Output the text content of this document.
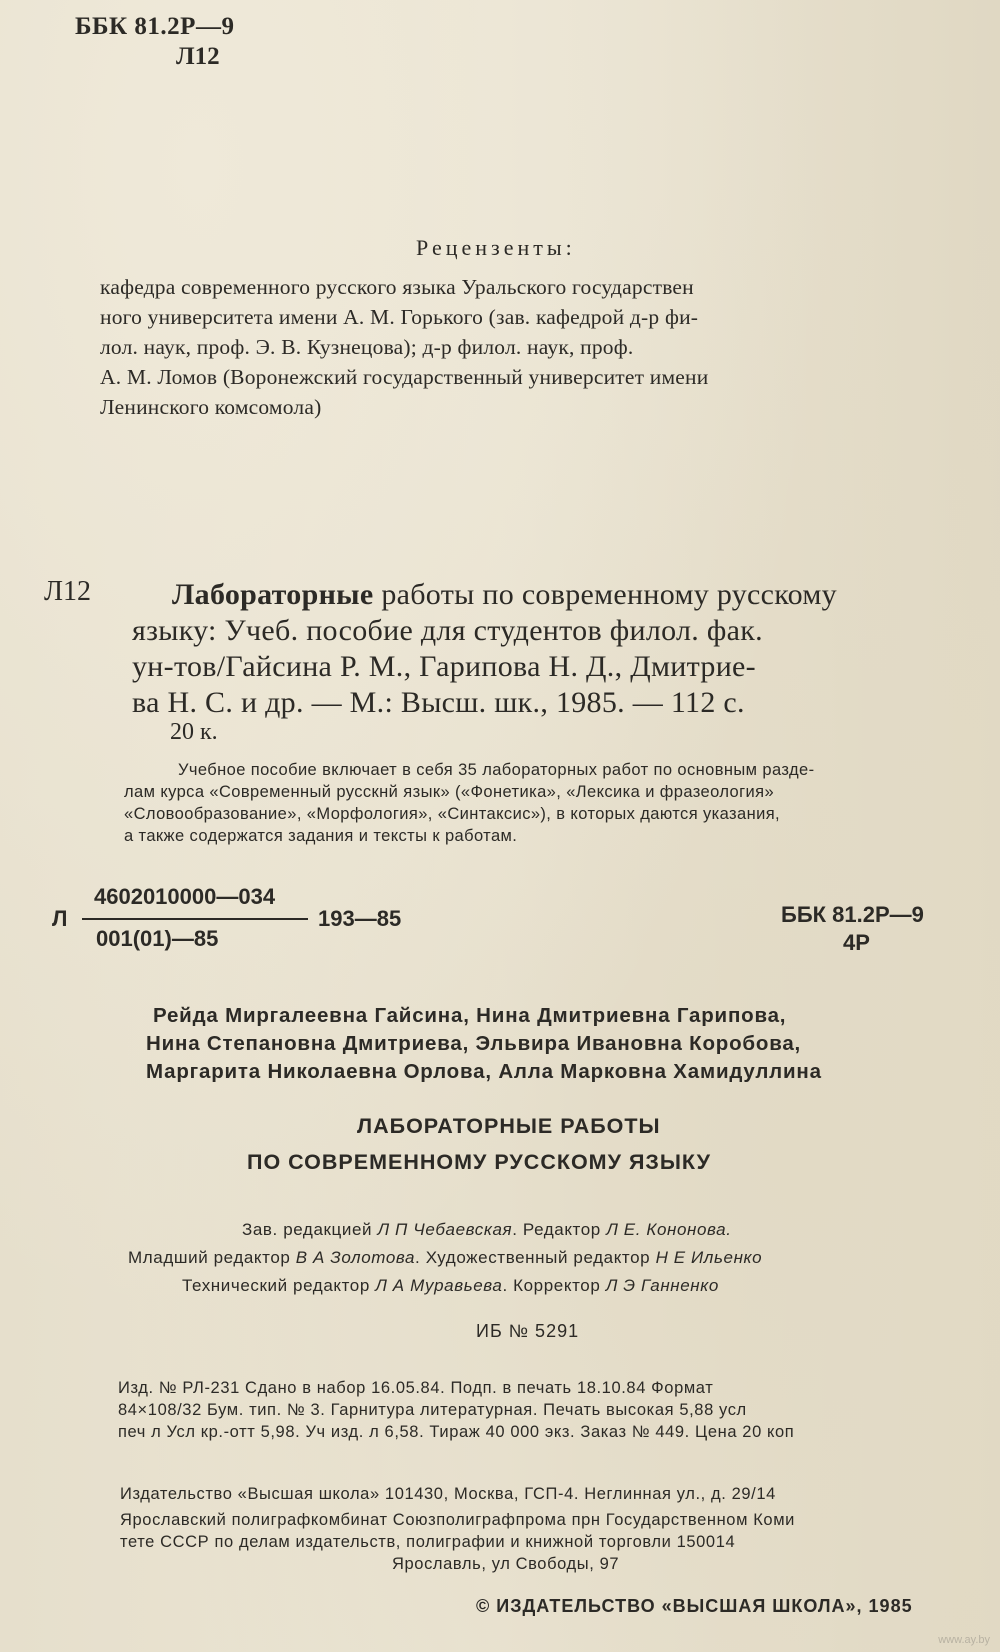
ББК 81.2Р—9
Л12
Рецензенты:
кафедра современного русского языка Уральского государствен
ного университета имени А. М. Горького (зав. кафедрой д-р фи-
лол. наук, проф. Э. В. Кузнецова); д-р филол. наук, проф.
А. М. Ломов (Воронежский государственный университет имени
Ленинского комсомола)
Л12	Лабораторные работы по современному русскому
языку: Учеб. пособие для студентов филол. фак.
ун-тов/Гайсина Р. М., Гарипова Н. Д., Дмитрие-
ва Н. С. и др. — М.: Высш. шк., 1985. — 112 с.
20 к.
Учебное пособие включает в себя 35 лабораторных работ по основным разде-
лам курса «Современный русскнй язык» («Фонетика», «Лексика и фразеология»
«Словообразование», «Морфология», «Синтаксис»), в которых даются указания,
а также содержатся задания и тексты к работам.
Л
4602010000—034
001(01)—85
193—85	ББК 81.2Р—9
4Р
Рейда Миргалеевна Гайсина, Нина Дмитриевна Гарипова,
Нина Степановна Дмитриева, Эльвира Ивановна Коробова,
Маргарита Николаевна Орлова, Алла Марковна Хамидуллина
ЛАБОРАТОРНЫЕ РАБОТЫ
ПО СОВРЕМЕННОМУ РУССКОМУ ЯЗЫКУ
Зав. редакцией Л П Чебаевская. Редактор Л Е. Кононова.
Младший редактор В А Золотова. Художественный редактор Н Е Ильенко
Технический редактор Л А Муравьева. Корректор Л Э Ганненко
ИБ № 5291
Изд. № РЛ-231 Сдано в набор 16.05.84. Подп. в печать 18.10.84 Формат
84×108/32 Бум. тип. № 3. Гарнитура литературная. Печать высокая 5,88 усл
печ л Усл кр.-отт 5,98. Уч изд. л 6,58. Тираж 40 000 экз. Заказ № 449. Цена 20 коп
Издательство «Высшая школа» 101430, Москва, ГСП-4. Неглинная ул., д. 29/14
Ярославский полиграфкомбинат Союзполиграфпрома прн Государственном Коми
тете СССР по делам издательств, полиграфии и книжной торговли 150014
Ярославль, ул Свободы, 97
© ИЗДАТЕЛЬСТВО «ВЫСШАЯ ШКОЛА», 1985
www.ay.by
